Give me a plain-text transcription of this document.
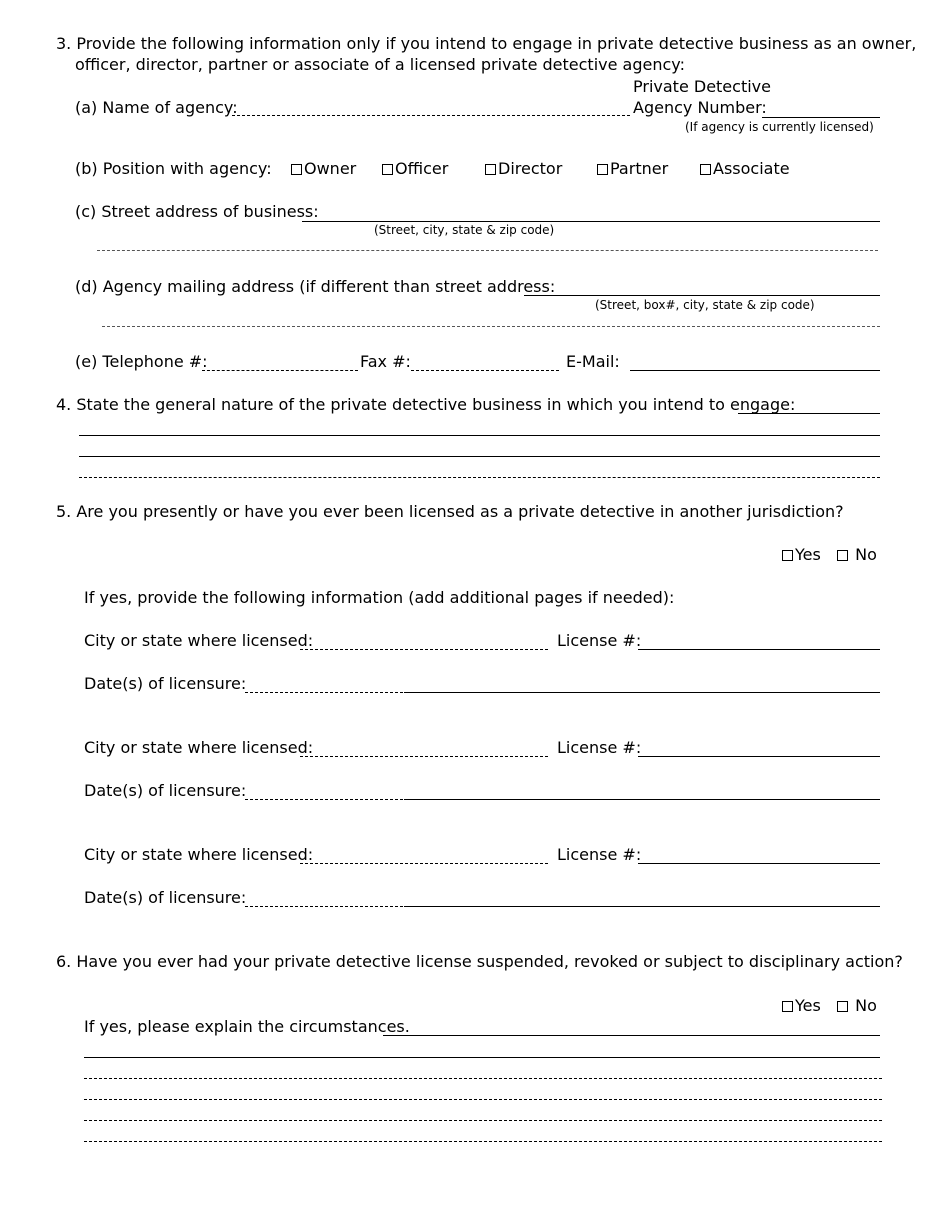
3. Provide the following information only if you intend to engage in private detective business as an owner,
officer, director, partner or associate of a licensed private detective agency:
Private Detective
(a) Name of agency:	Agency Number:
(If agency is currently licensed)
(b) Position with agency:	Owner	Officer	Director	Partner	Associate
(c) Street address of business:
(Street, city, state & zip code)
(d) Agency mailing address (if different than street address:
(Street, box#, city, state & zip code)
(e) Telephone #:	Fax #:	E-Mail:
4. State the general nature of the private detective business in which you intend to engage:
5. Are you presently or have you ever been licensed as a private detective in another jurisdiction?
Yes	No
If yes, provide the following information (add additional pages if needed):
City or state where licensed:	License #:
Date(s) of licensure:
City or state where licensed:	License #:
Date(s) of licensure:
City or state where licensed:	License #:
Date(s) of licensure:
6. Have you ever had your private detective license suspended, revoked or subject to disciplinary action?
Yes	No
If yes, please explain the circumstances.
